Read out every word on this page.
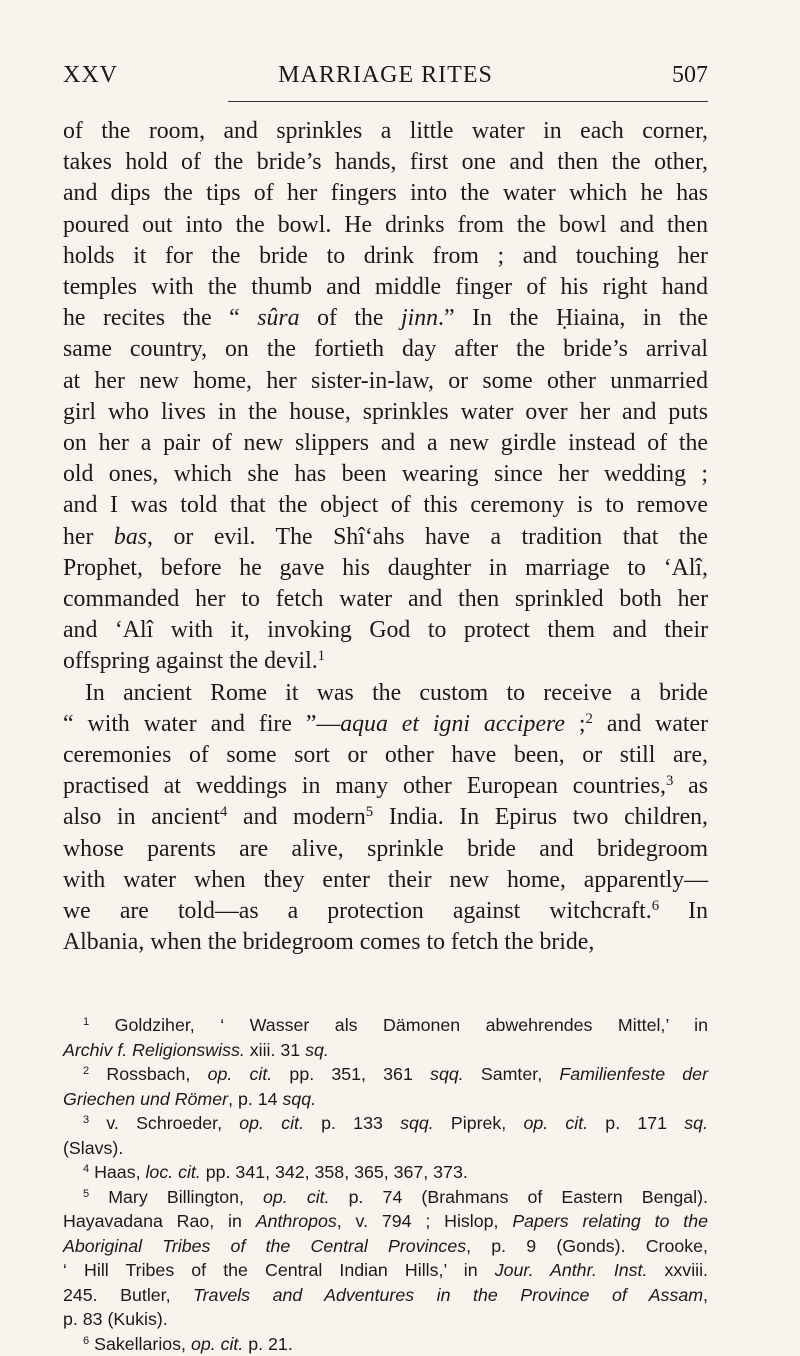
XXV	MARRIAGE RITES	507
of the room, and sprinkles a little water in each corner,
takes hold of the bride’s hands, first one and then the other,
and dips the tips of her fingers into the water which he has
poured out into the bowl. He drinks from the bowl and then
holds it for the bride to drink from ; and touching her
temples with the thumb and middle finger of his right hand
he recites the “ sûra of the jinn.” In the Ḥiaina, in the
same country, on the fortieth day after the bride’s arrival
at her new home, her sister-in-law, or some other unmarried
girl who lives in the house, sprinkles water over her and puts
on her a pair of new slippers and a new girdle instead of the
old ones, which she has been wearing since her wedding ;
and I was told that the object of this ceremony is to remove
her bas, or evil. The Shî‘ahs have a tradition that the
Prophet, before he gave his daughter in marriage to ‘Alî,
commanded her to fetch water and then sprinkled both her
and ‘Alî with it, invoking God to protect them and their
offspring against the devil.$^1$
In ancient Rome it was the custom to receive a bride
“ with water and fire ”—aqua et igni accipere ;$^2$ and water
ceremonies of some sort or other have been, or still are,
practised at weddings in many other European countries,$^3$ as
also in ancient$^4$ and modern$^5$ India. In Epirus two children,
whose parents are alive, sprinkle bride and bridegroom
with water when they enter their new home, apparently—
we are told—as a protection against witchcraft.$^6$ In
Albania, when the bridegroom comes to fetch the bride,
$^1$ Goldziher, ‘ Wasser als Dämonen abwehrendes Mittel,’ in
Archiv f. Religionswiss. xiii. 31 sq.
$^2$ Rossbach, op. cit. pp. 351, 361 sqq. Samter, Familienfeste der
Griechen und Römer, p. 14 sqq.
$^3$ v. Schroeder, op. cit. p. 133 sqq. Piprek, op. cit. p. 171 sq.
(Slavs).
$^4$ Haas, loc. cit. pp. 341, 342, 358, 365, 367, 373.
$^5$ Mary Billington, op. cit. p. 74 (Brahmans of Eastern Bengal).
Hayavadana Rao, in Anthropos, v. 794 ; Hislop, Papers relating to the
Aboriginal Tribes of the Central Provinces, p. 9 (Gonds). Crooke,
‘ Hill Tribes of the Central Indian Hills,’ in Jour. Anthr. Inst. xxviii.
245. Butler, Travels and Adventures in the Province of Assam,
p. 83 (Kukis).
$^6$ Sakellarios, op. cit. p. 21.
